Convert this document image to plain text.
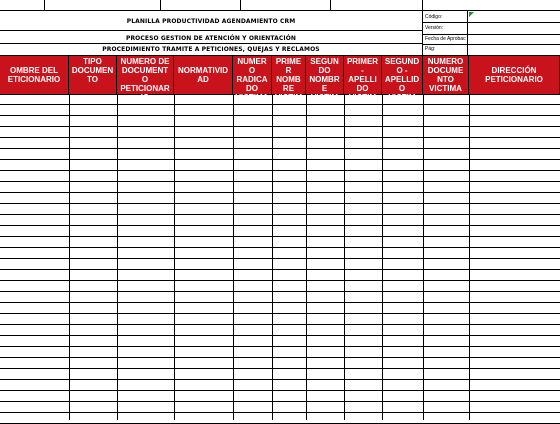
PLANILLA PRODUCTIVIDAD AGENDAMIENTO CRM
PROCESO GESTION DE ATENCIÓN Y ORIENTACIÓN
PROCEDIMIENTO TRAMITE A PETICIONES, QUEJAS Y RECLAMOS
Código:
Versión:
Fecha de Aprobac
Pág:
OMBRE DEL
ETICIONARIO
TIPO
DOCUMEN
TO
NUMERO DE
DOCUMENT
O
PETICIONAR
IO
NORMATIVID
AD
NUMER
O
RADICA
DO
VICTIMA
PRIME
R
NOMB
RE
VICTIM
SEGUN
DO
NOMBR
E
VICTIM
PRIMER
-
APELLI
DO
VICTIM
SEGUND
O -
APELLID
O
VICTIM
NUMERO
DOCUME
NTO
VICTIMA
DIRECCIÓN
PETICIONARIO
